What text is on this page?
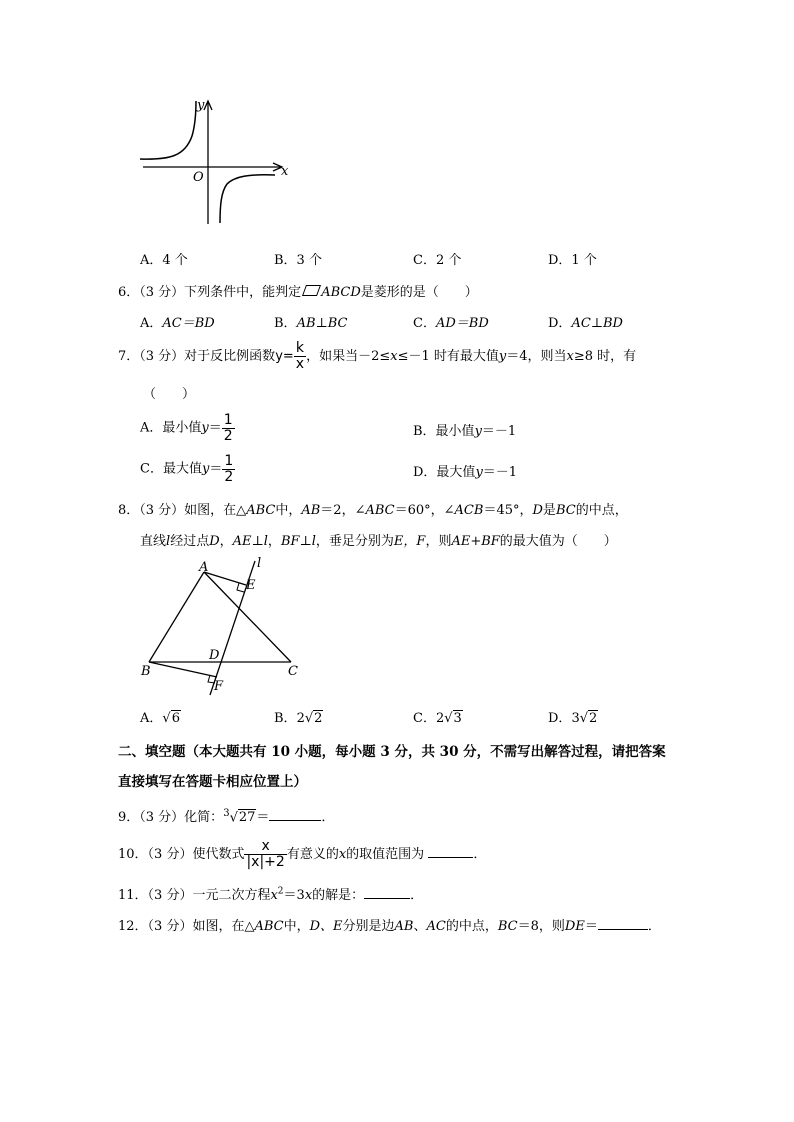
y
x
O
A．4 个	B．3 个	C．2 个	D．1 个
6．（3 分）下列条件中，能判定 ABCD是菱形的是（　　）
A．AC＝BD	B．AB⊥BC	C．AD＝BD	D．AC⊥BD
7．（3 分）对于反比例函数$y= \frac{k}{x}$ ，如果当－2≤x≤－1 时有最大值y＝4，则当x≥8 时，有
（　　）
A．最小值$y= \frac{1}{2}$	B．最小值y＝－1
C．最大值$y= \frac{1}{2}$	D．最大值y＝－1
8．（3 分）如图，在△ABC中，AB＝2，∠ABC＝60°，∠ACB＝45°，D是BC的中点，
直线l经过点D，AE⊥l，BF⊥l，垂足分别为E，F，则AE+BF的最大值为（　　）
A
B	C
D
E
F
l
A．√6	B．2√2	C．2√3	D．3√2
二、填空题（本大题共有 10 小题，每小题 3 分，共 30 分，不需写出解答过程，请把答案
直接填写在答题卡相应位置上）
9．（3 分）化简：$^3$√27＝	．
10．（3 分）使代数式 $\frac{x}{|x|+2}$ 有意义的x的取值范围为	．
11．（3 分）一元二次方程$x^2=3x$的解是：	．
12．（3 分）如图，在△ABC中，D、E分别是边AB、AC的中点，BC＝8，则DE＝	．
